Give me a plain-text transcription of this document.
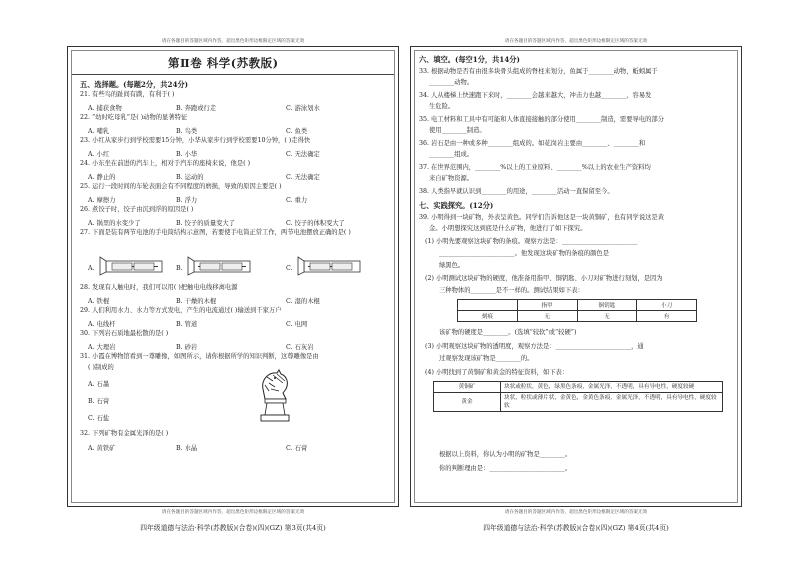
请在各题目的答题区域内作答，超出黑色矩形边框限定区域的答案无效	请在各题目的答题区域内作答，超出黑色矩形边框限定区域的答案无效
请在各题目的答题区域内作答，超出黑色矩形边框限定区域的答案无效	请在各题目的答题区域内作答，超出黑色矩形边框限定区域的答案无效
第Ⅱ卷 科学(苏教版)
五、选择题。(每题2分，共24分)
21. 有些鸟的趾间有蹼，有利于( )
A. 捕获食物	B. 奔跑或行走	C. 游泳划水
22. “幼时吃母乳”是( )动物的显著特征
A. 哺乳	B. 鸟类	C. 鱼类
23. 小红从家步行到学校需要15分钟，小华从家步行到学校需要10分钟，( )走得快
A. 小红	B. 小华	C. 无法确定
24. 小东坐在前进的汽车上，相对于汽车的座椅来说，他是( )
A. 静止的	B. 运动的	C. 无法确定
25. 运行一段时间的车轮表面会有不同程度的磨损，导致的原因主要是( )
A. 摩擦力	B. 浮力	C. 重力
26. 煮饺子时，饺子由沉到浮的原因是( )
A. 锅里的水变少了	B. 饺子的质量变大了	C. 饺子的体积变大了
27. 下面是装有两节电池的手电筒结构示意图，若要使手电筒正常工作，两节电池摆放正确的是( )
A.	B.	C.
28. 发现有人触电时，我们可以用( )把触电电线移离电源
A. 铁棍	B. 干燥的木棍	C. 湿的木棍
29. 人们利用水力、水力等方式发电，产生的电流通过( )输送到千家万户
A. 电线杆	B. 管道	C. 电网
30. 下列岩石质地最松散的是( )
A. 大理岩	B. 砂岩	C. 石灰岩
31. 小霞在博物馆看到一尊雕像，如图所示，请你根据所学的知识判断，这尊雕像是由
( )制成的
A. 石墨
B. 石膏
C. 石盐
32. 下列矿物有金属光泽的是( )
A. 黄铁矿	B. 水晶	C. 石膏
六、填空。(每空1分，共14分)
33. 根据动物是否有由很多块骨头组成的脊柱来划分，鱼属于________动物，蚯蚓属于
________动物。
34. 人从楼梯上快速跑下来时，________会越来越大，冲击力也越________，容易发
生危险。
35. 电工材料和工具中有可能和人体直接接触的部分使用________制造，需要导电的部分
使用________制造。
36. 岩石是由一种或多种________组成的。如花岗岩主要由________、________和
________组成。
37. 在世界范围内，________%以上的工业原料、________%以上的农业生产资料均
来自矿物资源。
38. 人类指早就认识到________的用途，________活动一直保留至今。
七、实践探究。(12分)
39. 小明得到一块矿物，外表呈黄色。同学们告诉他这是一块黄铜矿，也有同学说这是黄
金。小明想探究这到底是什么矿物，他进行了如下探究。
(1) 小明先要观察这块矿物的条痕。观察方法是：________________________
________________________。他发现这块矿物的条痕的颜色是
绿黑色。
(2) 小明测试这块矿物的硬度，他准备用指甲、铜钥匙、小刀对矿物进行刻划，是因为
三种物体的________是不一样的。测试结果如下表：
	指甲	铜钥匙	小刀
刻痕	无	无	有
该矿物的硬度是________。(选填“较软”或“较硬”)
(3) 小明观察这块矿物的透明度，观察方法是：________________________，通
过观察发现该矿物是________的。
(4) 小明找到了黄铜矿和黄金的特征资料，如下表：
黄铜矿	块状或粒状，黄色，绿黑色条痕，金属光泽，不透明，具有导电性，硬度较硬
黄金	块状，粒状或薄片状，金黄色，金黄色条痕，金属光泽，不透明，具有导电性，硬度较软
根据以上资料，你认为小明的矿物是________。
你的判断理由是：________________________。
四年级道德与法治·科学(苏教版)(合卷)(四)(GZ) 第3页(共4页)	四年级道德与法治·科学(苏教版)(合卷)(四)(GZ) 第4页(共4页)
